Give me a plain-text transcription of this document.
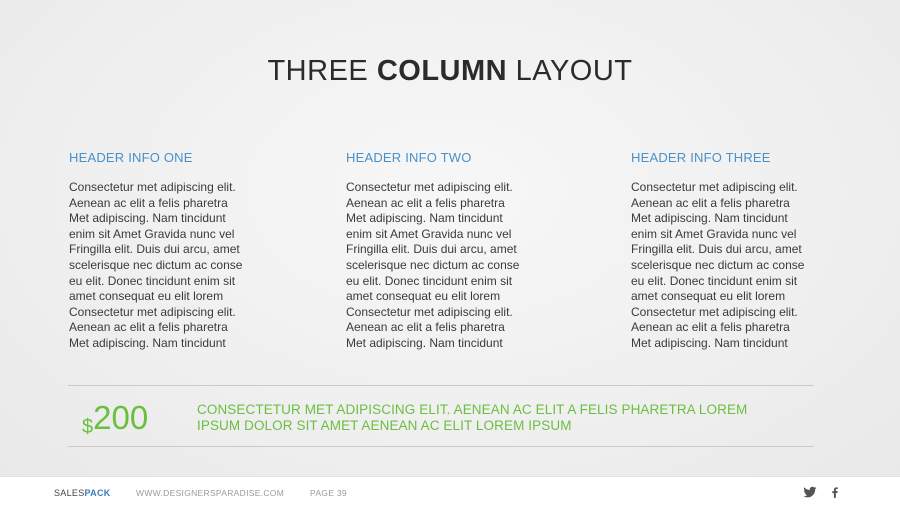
THREE COLUMN LAYOUT
HEADER INFO ONE
Consectetur met adipiscing elit.
Aenean ac elit a felis pharetra
Met adipiscing. Nam tincidunt
enim sit Amet Gravida nunc vel
Fringilla elit. Duis dui arcu, amet
scelerisque nec dictum ac conse
eu elit. Donec tincidunt enim sit
amet consequat eu elit lorem
Consectetur met adipiscing elit.
Aenean ac elit a felis pharetra
Met adipiscing. Nam tincidunt
HEADER INFO TWO
Consectetur met adipiscing elit.
Aenean ac elit a felis pharetra
Met adipiscing. Nam tincidunt
enim sit Amet Gravida nunc vel
Fringilla elit. Duis dui arcu, amet
scelerisque nec dictum ac conse
eu elit. Donec tincidunt enim sit
amet consequat eu elit lorem
Consectetur met adipiscing elit.
Aenean ac elit a felis pharetra
Met adipiscing. Nam tincidunt
HEADER INFO THREE
Consectetur met adipiscing elit.
Aenean ac elit a felis pharetra
Met adipiscing. Nam tincidunt
enim sit Amet Gravida nunc vel
Fringilla elit. Duis dui arcu, amet
scelerisque nec dictum ac conse
eu elit. Donec tincidunt enim sit
amet consequat eu elit lorem
Consectetur met adipiscing elit.
Aenean ac elit a felis pharetra
Met adipiscing. Nam tincidunt
$200	CONSECTETUR MET ADIPISCING ELIT. AENEAN AC ELIT A FELIS PHARETRA LOREM
IPSUM DOLOR SIT AMET AENEAN AC ELIT LOREM IPSUM
SALESPACK	WWW.DESIGNERSPARADISE.COM	PAGE 39
